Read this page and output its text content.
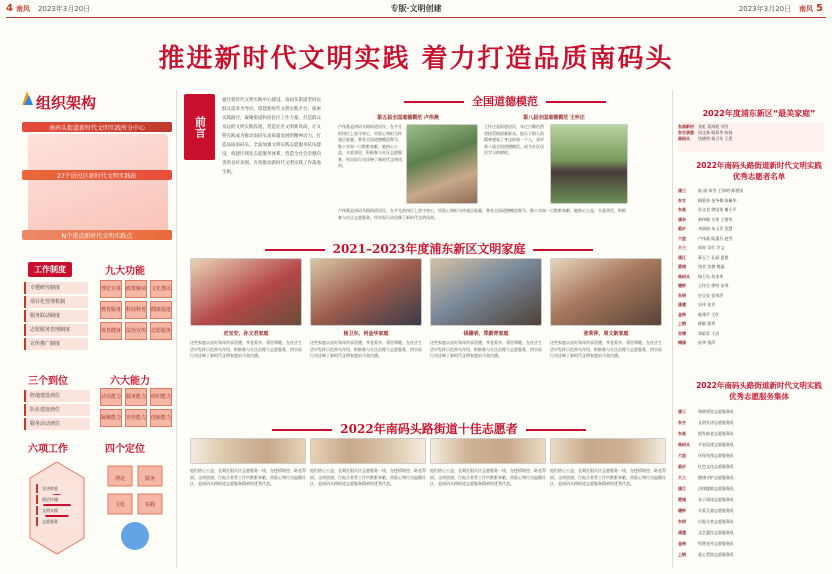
4 南风 2023年3月20日	专版·文明创建	2023年3月20日 南风 5
推进新时代文明实践 着力打造品质南码头
组织架构
南码头街道新时代文明实践所分中心
27个居民区新时代文明实践站
N个重点新时代文明实践点
工作制度
专题研究制度
项目化管理机制
服务联动制度
志愿服务管理制度
宣传推广制度
九大功能
理论宣讲 政策解读 文化惠民
教育服务 科技科普 健康促进
体育健身 法治宣传 志愿服务
三个到位
阵地建设到位
队伍建设到位
服务活动到位
六大能力
动员能力 服务能力 组织能力
凝聚能力 宣传能力 创新能力
六项工作
宣讲阵地
理论传播
文明实践
志愿服务
四个定位
理论	服务
文化	实践
前言
通过新时代文明实践中心建设，南码头街道坚持以群众需求为导向，搭建新时代文明实践平台，探索实践路径，凝聚街道和居民区工作力量，打造群众身边的文明实践阵地，营造社区文明新风尚，让文明实践成为推动南码头高质量发展的精神动力，打造品质南码头。全面加强文明实践志愿服务队伍建设，构建区域化志愿服务体系，营造全社会崇德向善的良好氛围，有效推动新时代文明实践工作落地生根。
全国道德模范
第五届全国道德模范 卢伟燕	第八届全国道德模范 王怀庄
卢伟燕是南码头路街道居民，在平凡的岗位上坚守初心，用爱心和担当传递正能量，曾获全国道德模范称号，数十年如一日默默奉献。她热心公益，关爱邻里，积极参与社区志愿服务，用实际行动诠释了新时代文明风尚。
王怀庄是街道居民，年过古稀仍然坚持帮助困难群众，他乐于助人的精神感染了身边的每一个人，获评第八届全国道德模范，成为社区居民学习的榜样。
卢伟燕是南码头路街道居民，在平凡的岗位上坚守初心，用爱心和担当传递正能量，曾获全国道德模范称号，数十年如一日默默奉献。她热心公益，关爱邻里，积极参与社区志愿服务，用实际行动诠释了新时代文明风尚。
2021–2023年度浦东新区文明家庭
史宝安、孙文君家庭	杨卫东、何金华家庭	钱德明、郑蔚青家庭	张荣萍、周文新家庭
这些家庭以良好家风传承美德，孝老爱亲、邻里和睦，在社区生活中发挥示范带头作用，积极参与社区治理与志愿服务，用实际行动诠释了新时代文明家庭的丰富内涵。
这些家庭以良好家风传承美德，孝老爱亲、邻里和睦，在社区生活中发挥示范带头作用，积极参与社区治理与志愿服务，用实际行动诠释了新时代文明家庭的丰富内涵。
这些家庭以良好家风传承美德，孝老爱亲、邻里和睦，在社区生活中发挥示范带头作用，积极参与社区治理与志愿服务，用实际行动诠释了新时代文明家庭的丰富内涵。
这些家庭以良好家风传承美德，孝老爱亲、邻里和睦，在社区生活中发挥示范带头作用，积极参与社区治理与志愿服务，用实际行动诠释了新时代文明家庭的丰富内涵。
2022年南码头路街道十佳志愿者
他们热心公益，长期扎根社区志愿服务一线，在疫情防控、助老帮困、文明创建、垃圾分类等工作中默默奉献，用爱心和行动温暖社区，是南码头路街道志愿服务精神的优秀代表。
他们热心公益，长期扎根社区志愿服务一线，在疫情防控、助老帮困、文明创建、垃圾分类等工作中默默奉献，用爱心和行动温暖社区，是南码头路街道志愿服务精神的优秀代表。
他们热心公益，长期扎根社区志愿服务一线，在疫情防控、助老帮困、文明创建、垃圾分类等工作中默默奉献，用爱心和行动温暖社区，是南码头路街道志愿服务精神的优秀代表。
他们热心公益，长期扎根社区志愿服务一线，在疫情防控、助老帮困、文明创建、垃圾分类等工作中默默奉献，用爱心和行动温暖社区，是南码头路街道志愿服务精神的优秀代表。
2022年度浦东新区“最美家庭”
东昌新村	张虹 葛海霞 刘雪
东方居委	周文新 顾菊华 陈杨
南码头	钱德明 杨卫东 王恩
2022年南码头路街道新时代文明实践优秀志愿者名单
浦三	陆 丽 陈雪 王海明 陈建国
东方	顾菊华 金冬梅 陈佩华
东昌	孙文君 徐国英 谢小平
浦东	黄伟敏 方荣 王建华
临沂	刘丽娟 朱玉芳 沈慧
六里	卢伟燕 陆惠芬 赵雪
大三	周英 吴红 许文
浦江	蒋玉兰 孔丽 夏建
港城	钱芳 沈梅 姚磊
南码头	杨卫东 何金华
塘桥	王怀庄 徐明 宋琴
东明	史宝安 张荣萍
浦建	吴伟 张芳
金杨	陈建平 王红
上钢	顾敏 程珍
世博	郑蔚青 于洁
梅园	孙华 钱萍
2022年南码头路街道新时代文明实践优秀志愿服务集体
浦三	和谐邻里志愿服务队
东方	文明宣讲志愿服务队
东昌	银发助老志愿服务队
南码头	平安巡逻志愿服务队
六里	环保先锋志愿服务队
临沂	红色文化志愿服务队
大三	健康守护志愿服务队
浦江	法律援助志愿服务队
港城	亲子阅读志愿服务队
塘桥	关爱儿童志愿服务队
东明	垃圾分类志愿服务队
浦建	文艺惠民志愿服务队
金杨	科普宣传志愿服务队
上钢	爱心帮困志愿服务队
